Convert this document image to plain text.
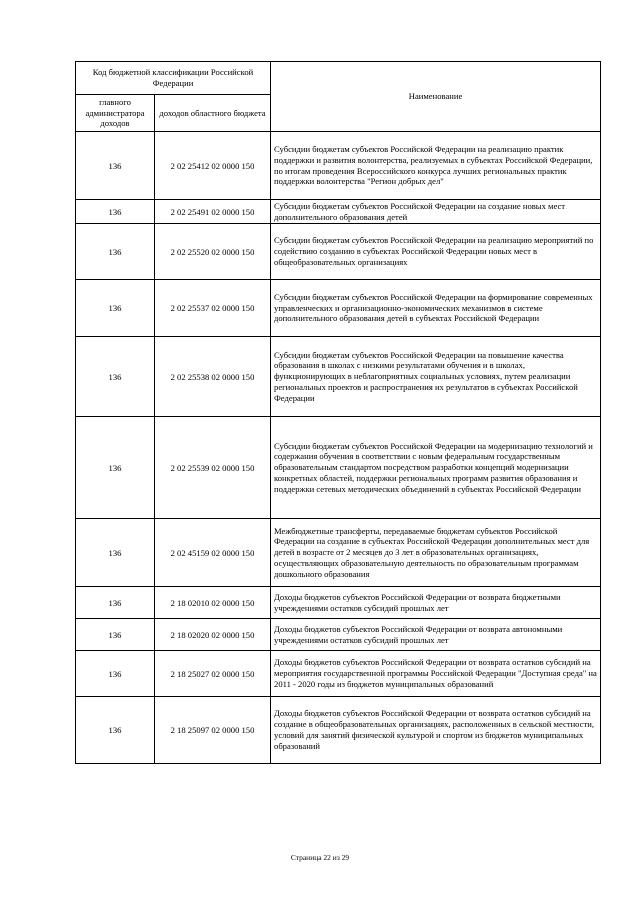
Код бюджетной классификации Российской Федерации		Наименование
главного администратора доходов	доходов областного бюджета	
136	2 02 25412 02 0000 150	Субсидии бюджетам субъектов Российской Федерации на реализацию практик поддержки и развития волонтерства, реализуемых в субъектах Российской Федерации, по итогам проведения Всероссийского конкурса лучших региональных практик поддержки волонтерства "Регион добрых дел"
136	2 02 25491 02 0000 150	Субсидии бюджетам субъектов Российской Федерации на создание новых мест дополнительного образования детей
136	2 02 25520 02 0000 150	Субсидии бюджетам субъектов Российской Федерации на реализацию мероприятий по содействию созданию в субъектах Российской Федерации новых мест в общеобразовательных организациях
136	2 02 25537 02 0000 150	Субсидии бюджетам субъектов Российской Федерации на формирование современных управленческих и организационно-экономических механизмов в системе дополнительного образования детей в субъектах Российской Федерации
136	2 02 25538 02 0000 150	Субсидии бюджетам субъектов Российской Федерации на повышение качества образования в школах с низкими результатами обучения и в школах, функционирующих в неблагоприятных социальных условиях, путем реализации региональных проектов и распространения их результатов в субъектах Российской Федерации
136	2 02 25539 02 0000 150	Субсидии бюджетам субъектов Российской Федерации на модернизацию технологий и содержания обучения в соответствии с новым федеральным государственным образовательным стандартом посредством разработки концепций модернизации конкретных областей, поддержки региональных программ развития образования и поддержки сетевых методических объединений в субъектах Российской Федерации
136	2 02 45159 02 0000 150	Межбюджетные трансферты, передаваемые бюджетам субъектов Российской Федерации на создание в субъектах Российской Федерации дополнительных мест для детей в возрасте от 2 месяцев до 3 лет в образовательных организациях, осуществляющих образовательную деятельность по образовательным программам дошкольного образования
136	2 18 02010 02 0000 150	Доходы бюджетов субъектов Российской Федерации от возврата бюджетными учреждениями остатков субсидий прошлых лет
136	2 18 02020 02 0000 150	Доходы бюджетов субъектов Российской Федерации от возврата автономными учреждениями остатков субсидий прошлых лет
136	2 18 25027 02 0000 150	Доходы бюджетов субъектов Российской Федерации от возврата остатков субсидий на мероприятия государственной программы Российской Федерации "Доступная среда" на 2011 - 2020 годы из бюджетов муниципальных образований
136	2 18 25097 02 0000 150	Доходы бюджетов субъектов Российской Федерации от возврата остатков субсидий на создание в общеобразовательных организациях, расположенных в сельской местности, условий для занятий физической культурой и спортом из бюджетов муниципальных образований
Страница 22 из 29
